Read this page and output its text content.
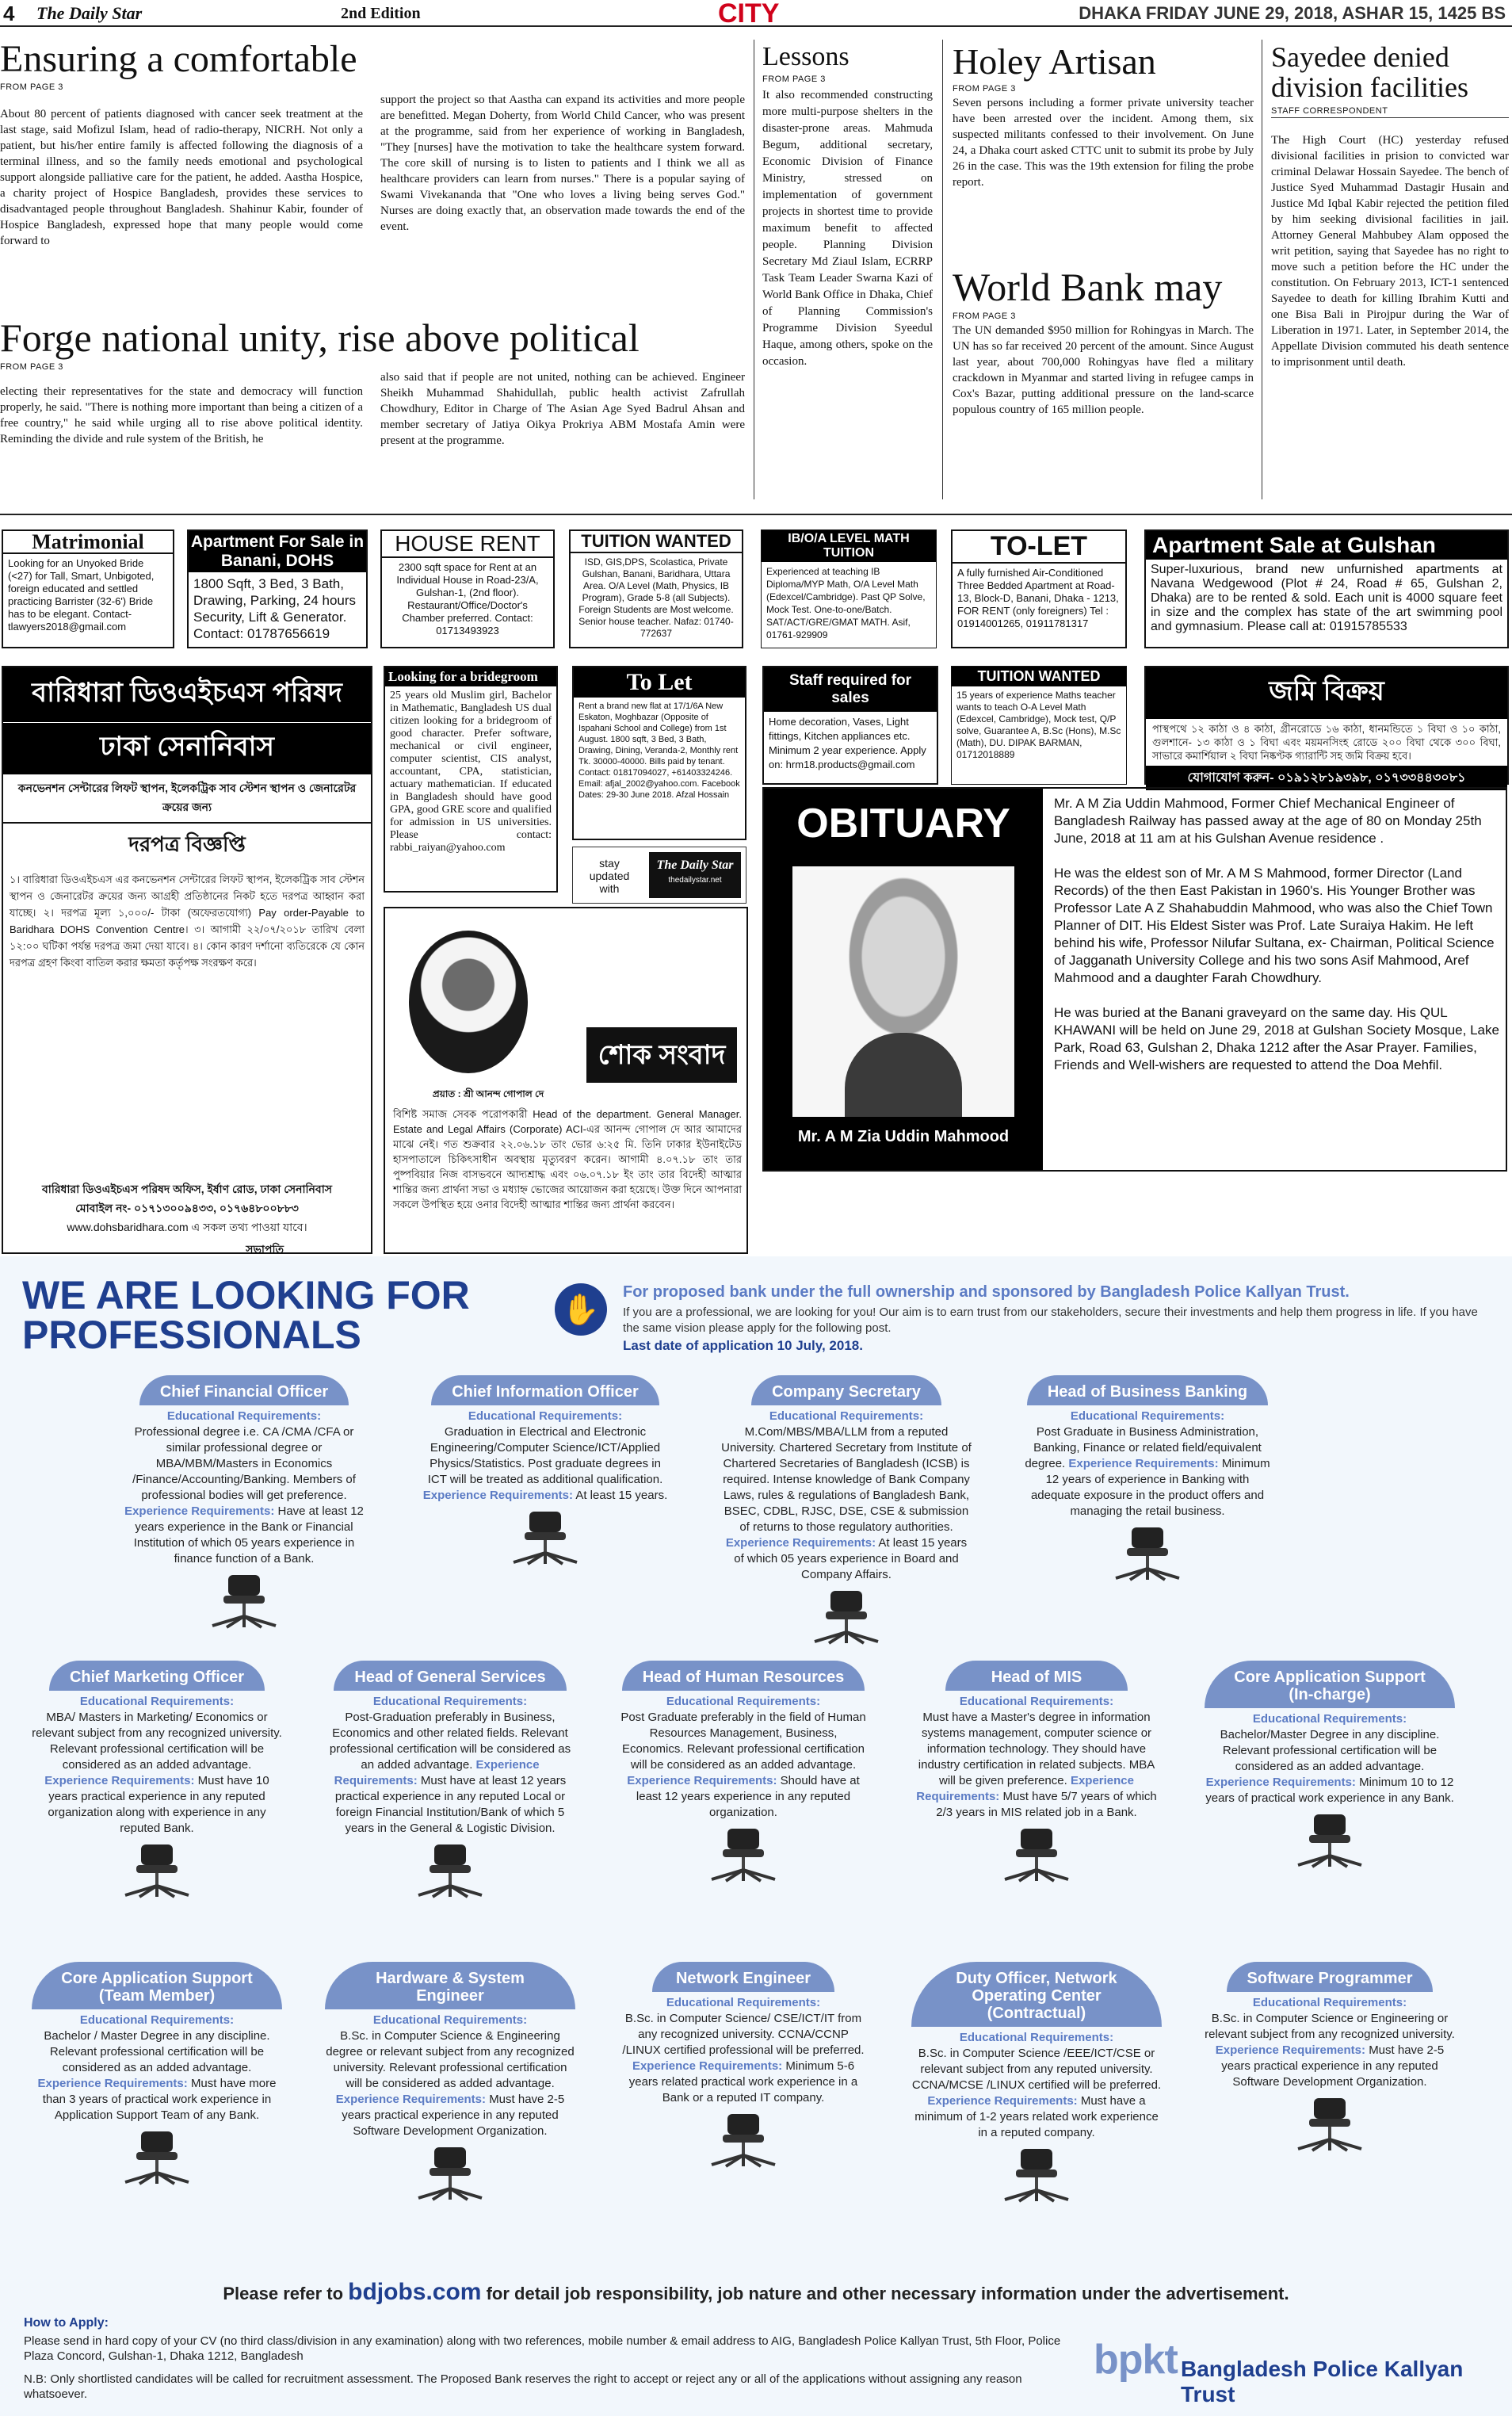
4 The Daily Star	2nd Edition	CITY	DHAKA FRIDAY JUNE 29, 2018, ASHAR 15, 1425 BS
Ensuring a comfortable
FROM PAGE 3
About 80 percent of patients diagnosed with cancer seek treatment at the last stage, said Mofizul Islam, head of radio-therapy, NICRH. Not only a patient, but his/her entire family is affected following the diagnosis of a terminal illness, and so the family needs emotional and psychological support alongside palliative care for the patient, he added. Aastha Hospice, a charity project of Hospice Bangladesh, provides these services to disadvantaged people throughout Bangladesh. Shahinur Kabir, founder of Hospice Bangladesh, expressed hope that many people would come forward to
support the project so that Aastha can expand its activities and more people are benefitted. Megan Doherty, from World Child Cancer, who was present at the programme, said from her experience of working in Bangladesh, "They [nurses] have the motivation to take the healthcare system forward. The core skill of nursing is to listen to patients and I think we all as healthcare providers can learn from nurses." There is a popular saying of Swami Vivekananda that "One who loves a living being serves God." Nurses are doing exactly that, an observation made towards the end of the event.
Forge national unity, rise above political
FROM PAGE 3
electing their representatives for the state and democracy will function properly, he said. "There is nothing more important than being a citizen of a free country," he said while urging all to rise above political identity. Reminding the divide and rule system of the British, he
also said that if people are not united, nothing can be achieved. Engineer Sheikh Muhammad Shahidullah, public health activist Zafrullah Chowdhury, Editor in Charge of The Asian Age Syed Badrul Ahsan and member secretary of Jatiya Oikya Prokriya ABM Mostafa Amin were present at the programme.
Lessons
FROM PAGE 3
It also recommended constructing more multi-purpose shelters in the disaster-prone areas. Mahmuda Begum, additional secretary, Economic Division of Finance Ministry, stressed on implementation of government projects in shortest time to provide maximum benefit to affected people. Planning Division Secretary Md Ziaul Islam, ECRRP Task Team Leader Swarna Kazi of World Bank Office in Dhaka, Chief of Planning Commission's Programme Division Syeedul Haque, among others, spoke on the occasion.
Holey Artisan
FROM PAGE 3
Seven persons including a former private university teacher have been arrested over the incident. Among them, six suspected militants confessed to their involvement. On June 24, a Dhaka court asked CTTC unit to submit its probe by July 26 in the case. This was the 19th extension for filing the probe report.
World Bank may
FROM PAGE 3
The UN demanded $950 million for Rohingyas in March. The UN has so far received 20 percent of the amount. Since August last year, about 700,000 Rohingyas have fled a military crackdown in Myanmar and started living in refugee camps in Cox's Bazar, putting additional pressure on the land-scarce populous country of 165 million people.
Sayedee denied division facilities
STAFF CORRESPONDENT
The High Court (HC) yesterday refused divisional facilities in prision to convicted war criminal Delawar Hossain Sayedee. The bench of Justice Syed Muhammad Dastagir Husain and Justice Md Iqbal Kabir rejected the petition filed by him seeking divisional facilities in jail. Attorney General Mahbubey Alam opposed the writ petition, saying that Sayedee has no right to move such a petition before the HC under the constitution. On February 2013, ICT-1 sentenced Sayedee to death for killing Ibrahim Kutti and one Bisa Bali in Pirojpur during the War of Liberation in 1971. Later, in September 2014, the Appellate Division commuted his death sentence to imprisonment until death.
Matrimonial
Looking for an Unyoked Bride (<27) for Tall, Smart, Unbigoted, foreign educated and settled practicing Barrister (32-6') Bride has to be elegant. Contact- tlawyers2018@gmail.com
Apartment For Sale in Banani, DOHS
1800 Sqft, 3 Bed, 3 Bath, Drawing, Parking, 24 hours Security, Lift & Generator. Contact: 01787656619
HOUSE RENT
2300 sqft space for Rent at an Individual House in Road-23/A, Gulshan-1, (2nd floor). Restaurant/Office/Doctor's Chamber preferred. Contact: 01713493923
TUITION WANTED
ISD, GIS,DPS, Scolastica, Private Gulshan, Banani, Baridhara, Uttara Area. O/A Level (Math, Physics, IB Program), Grade 5-8 (all Subjects). Foreign Students are Most welcome. Senior house teacher. Nafaz: 01740-772637
IB/O/A LEVEL MATH TUITION
Experienced at teaching IB Diploma/MYP Math, O/A Level Math (Edexcel/Cambridge). Past QP Solve, Mock Test. One-to-one/Batch. SAT/ACT/GRE/GMAT MATH. Asif, 01761-929909
TO-LET
A fully furnished Air-Conditioned Three Bedded Apartment at Road-13, Block-D, Banani, Dhaka - 1213, FOR RENT (only foreigners) Tel : 01914001265, 01911781317
Apartment Sale at Gulshan
Super-luxurious, brand new unfurnished apartments at Navana Wedgewood (Plot # 24, Road # 65, Gulshan 2, Dhaka) are to be rented & sold. Each unit is 4000 square feet in size and the complex has state of the art swimming pool and gymnasium. Please call at: 01915785533
বারিধারা ডিওএইচএস পরিষদ
ঢাকা সেনানিবাস
কনভেনশন সেন্টারের লিফট স্থাপন, ইলেকট্রিক সাব স্টেশন স্থাপন ও জেনারেটর ক্রয়ের জন্য
দরপত্র বিজ্ঞপ্তি
১। বারিধারা ডিওএইচএস এর কনভেনশন সেন্টারের লিফট স্থাপন, ইলেকট্রিক সাব স্টেশন স্থাপন ও জেনারেটর ক্রয়ের জন্য আগ্রহী প্রতিষ্ঠানের নিকট হতে দরপত্র আহ্বান করা যাচ্ছে। ২। দরপত্র মূল্য ১,০০০/- টাকা (অফেরতযোগ্য) Pay order-Payable to Baridhara DOHS Convention Centre। ৩। আগামী ২২/০৭/২০১৮ তারিখ বেলা ১২:০০ ঘটিকা পর্যন্ত দরপত্র জমা দেয়া যাবে। ৪। কোন কারণ দর্শানো ব্যতিরেকে যে কোন দরপত্র গ্রহণ কিংবা বাতিল করার ক্ষমতা কর্তৃপক্ষ সংরক্ষণ করে।
বারিধারা ডিওএইচএস পরিষদ অফিস, ইর্ষাণ রোড, ঢাকা সেনানিবাস
মোবাইল নং- ০১৭১৩০০৯৪৩৩, ০১৭৬৪৮০০৮৮৩
www.dohsbaridhara.com এ সকল তথ্য পাওয়া যাবে।
সভাপতি
Looking for a bridegroom
25 years old Muslim girl, Bachelor in Mathematic, Bangladesh US dual citizen looking for a bridegroom of good character. Prefer software, mechanical or civil engineer, computer scientist, CIS analyst, accountant, CPA, statistician, actuary mathematician. If educated in Bangladesh should have good GPA, good GRE score and qualified for admission in US universities. Please contact: rabbi_raiyan@yahoo.com
To Let
Rent a brand new flat at 17/1/6A New Eskaton, Moghbazar (Opposite of Ispahani School and College) from 1st August. 1800 sqft, 3 Bed, 3 Bath, Drawing, Dining, Veranda-2, Monthly rent Tk. 30000-40000. Bills paid by tenant. Contact: 01817094027, +61403324246. Email: afjal_2002@yahoo.com. Facebook Dates: 29-30 June 2018. Afzal Hossain
Staff required for sales
Home decoration, Vases, Light fittings, Kitchen appliances etc. Minimum 2 year experience. Apply on: hrm18.products@gmail.com
TUITION WANTED
15 years of experience Maths teacher wants to teach O-A Level Math (Edexcel, Cambridge), Mock test, Q/P solve, Guarantee A, B.Sc (Hons), M.Sc (Math), DU. DIPAK BARMAN, 01712018889
জমি বিক্রয়
পাস্থপথে ১২ কাঠা ও ৪ কাঠা, গ্রীনরোডে ১৬ কাঠা, ধানমন্ডিতে ১ বিঘা ও ১০ কাঠা, গুলশানে- ১৩ কাঠা ও ১ বিঘা এবং ময়মনসিংহ রোডে ২০০ বিঘা থেকে ৩০০ বিঘা, সাভারে কমার্শিয়াল ২ বিঘা নিষ্কণ্টক গ্যারান্টি সহ জমি বিক্রয় হবে।
যোগাযোগ করুন- ০১৯১২৮১৯৩৯৮, ০১৭৩৩৪৪৩০৮১
stay updated with
The Daily Star
thedailystar.net
প্রয়াত : শ্রী আনন্দ গোপাল দে
শোক সংবাদ
বিশিষ্ট সমাজ সেবক পরোপকারী Head of the department. General Manager. Estate and Legal Affairs (Corporate) ACI-এর আনন্দ গোপাল দে আর আমাদের মাঝে নেই। গত শুক্রবার ২২.০৬.১৮ তাং ভোর ৬:২৫ মি. তিনি ঢাকার ইউনাইটেড হাসপাতালে চিকিৎসাধীন অবস্থায় মৃত্যুবরণ করেন। আগামী ৪.০৭.১৮ তাং তার পুষ্পবিয়ার নিজ বাসভবনে আদ্যশ্রাদ্ধ এবং ০৬.০৭.১৮ ইং তাং তার বিদেহী আত্মার শান্তির জন্য প্রার্থনা সভা ও মধ্যাহ্ন ভোজের আয়োজন করা হয়েছে। উক্ত দিনে আপনারা সকলে উপস্থিত হয়ে ওনার বিদেহী আত্মার শান্তির জন্য প্রার্থনা করবেন।
OBITUARY
Mr. A M Zia Uddin Mahmood

Mr. A M Zia Uddin Mahmood, Former Chief Mechanical Engineer of Bangladesh Railway has passed away at the age of 80 on Monday 25th June, 2018 at 11 am at his Gulshan Avenue residence .

He was the eldest son of Mr. A M S Mahmood, former Director (Land Records) of the then East Pakistan in 1960's. His Younger Brother was Professor Late A Z Shahabuddin Mahmood, who was also the Chief Town Planner of DIT. His Eldest Sister was Prof. Late Suraiya Hakim. He left behind his wife, Professor Nilufar Sultana, ex- Chairman, Political Science of Jagganath University College and his two sons Asif Mahmood, Aref Mahmood and a daughter Farah Chowdhury.

He was buried at the Banani graveyard on the same day. His QUL KHAWANI will be held on June 29, 2018 at Gulshan Society Mosque, Lake Park, Road 63, Gulshan 2, Dhaka 1212 after the Asar Prayer. Families, Friends and Well-wishers are requested to attend the Doa Mehfil.

WE ARE LOOKING FOR
PROFESSIONALS
✋	For proposed bank under the full ownership and sponsored by Bangladesh Police Kallyan Trust.
If you are a professional, we are looking for you! Our aim is to earn trust from our stakeholders, secure their investments and help them progress in life. If you have the same vision please apply for the following post.
Last date of application 10 July, 2018.
Chief Financial Officer
Educational Requirements:
Professional degree i.e. CA /CMA /CFA or similar professional degree or MBA/MBM/Masters in Economics /Finance/Accounting/Banking. Members of professional bodies will get preference. Experience Requirements: Have at least 12 years experience in the Bank or Financial Institution of which 05 years experience in finance function of a Bank.
Chief Information Officer
Educational Requirements:
Graduation in Electrical and Electronic Engineering/Computer Science/ICT/Applied Physics/Statistics. Post graduate degrees in ICT will be treated as additional qualification. Experience Requirements: At least 15 years.
Company Secretary
Educational Requirements:
M.Com/MBS/MBA/LLM from a reputed University. Chartered Secretary from Institute of Chartered Secretaries of Bangladesh (ICSB) is required. Intense knowledge of Bank Company Laws, rules & regulations of Bangladesh Bank, BSEC, CDBL, RJSC, DSE, CSE & submission of returns to those regulatory authorities. Experience Requirements: At least 15 years of which 05 years experience in Board and Company Affairs.
Head of Business Banking
Educational Requirements:
Post Graduate in Business Administration, Banking, Finance or related field/equivalent degree. Experience Requirements: Minimum 12 years of experience in Banking with adequate exposure in the product offers and managing the retail business.
Chief Marketing Officer
Educational Requirements:
MBA/ Masters in Marketing/ Economics or relevant subject from any recognized university. Relevant professional certification will be considered as an added advantage. Experience Requirements: Must have 10 years practical experience in any reputed organization along with experience in any reputed Bank.
Head of General Services
Educational Requirements:
Post-Graduation preferably in Business, Economics and other related fields. Relevant professional certification will be considered as an added advantage. Experience Requirements: Must have at least 12 years practical experience in any reputed Local or foreign Financial Institution/Bank of which 5 years in the General & Logistic Division.
Head of Human Resources
Educational Requirements:
Post Graduate preferably in the field of Human Resources Management, Business, Economics. Relevant professional certification will be considered as an added advantage. Experience Requirements: Should have at least 12 years experience in any reputed organization.
Head of MIS
Educational Requirements:
Must have a Master's degree in information systems management, computer science or information technology. They should have industry certification in related subjects. MBA will be given preference. Experience Requirements: Must have 5/7 years of which 2/3 years in MIS related job in a Bank.
Core Application Support (In-charge)
Educational Requirements:
Bachelor/Master Degree in any discipline. Relevant professional certification will be considered as an added advantage. Experience Requirements: Minimum 10 to 12 years of practical work experience in any Bank.
Core Application Support (Team Member)
Educational Requirements:
Bachelor / Master Degree in any discipline. Relevant professional certification will be considered as an added advantage. Experience Requirements: Must have more than 3 years of practical work experience in Application Support Team of any Bank.
Hardware & System Engineer
Educational Requirements:
B.Sc. in Computer Science & Engineering degree or relevant subject from any recognized university. Relevant professional certification will be considered as added advantage. Experience Requirements: Must have 2-5 years practical experience in any reputed Software Development Organization.
Network Engineer
Educational Requirements:
B.Sc. in Computer Science/ CSE/ICT/IT from any recognized university. CCNA/CCNP /LINUX certified professional will be preferred. Experience Requirements: Minimum 5-6 years related practical work experience in a Bank or a reputed IT company.
Duty Officer, Network Operating Center (Contractual)
Educational Requirements:
B.Sc. in Computer Science /EEE/ICT/CSE or relevant subject from any reputed university. CCNA/MCSE /LINUX certified will be preferred. Experience Requirements: Must have a minimum of 1-2 years related work experience in a reputed company.
Software Programmer
Educational Requirements:
B.Sc. in Computer Science or Engineering or relevant subject from any recognized university. Experience Requirements: Must have 2-5 years practical experience in any reputed Software Development Organization.
Please refer to bdjobs.com for detail job responsibility, job nature and other necessary information under the advertisement.
How to Apply:
Please send in hard copy of your CV (no third class/division in any examination) along with two references, mobile number & email address to AIG, Bangladesh Police Kallyan Trust, 5th Floor, Police Plaza Concord, Gulshan-1, Dhaka 1212, Bangladesh
N.B: Only shortlisted candidates will be called for recruitment assessment. The Proposed Bank reserves the right to accept or reject any or all of the applications without assigning any reason whatsoever.
bpkt Bangladesh Police Kallyan Trust
